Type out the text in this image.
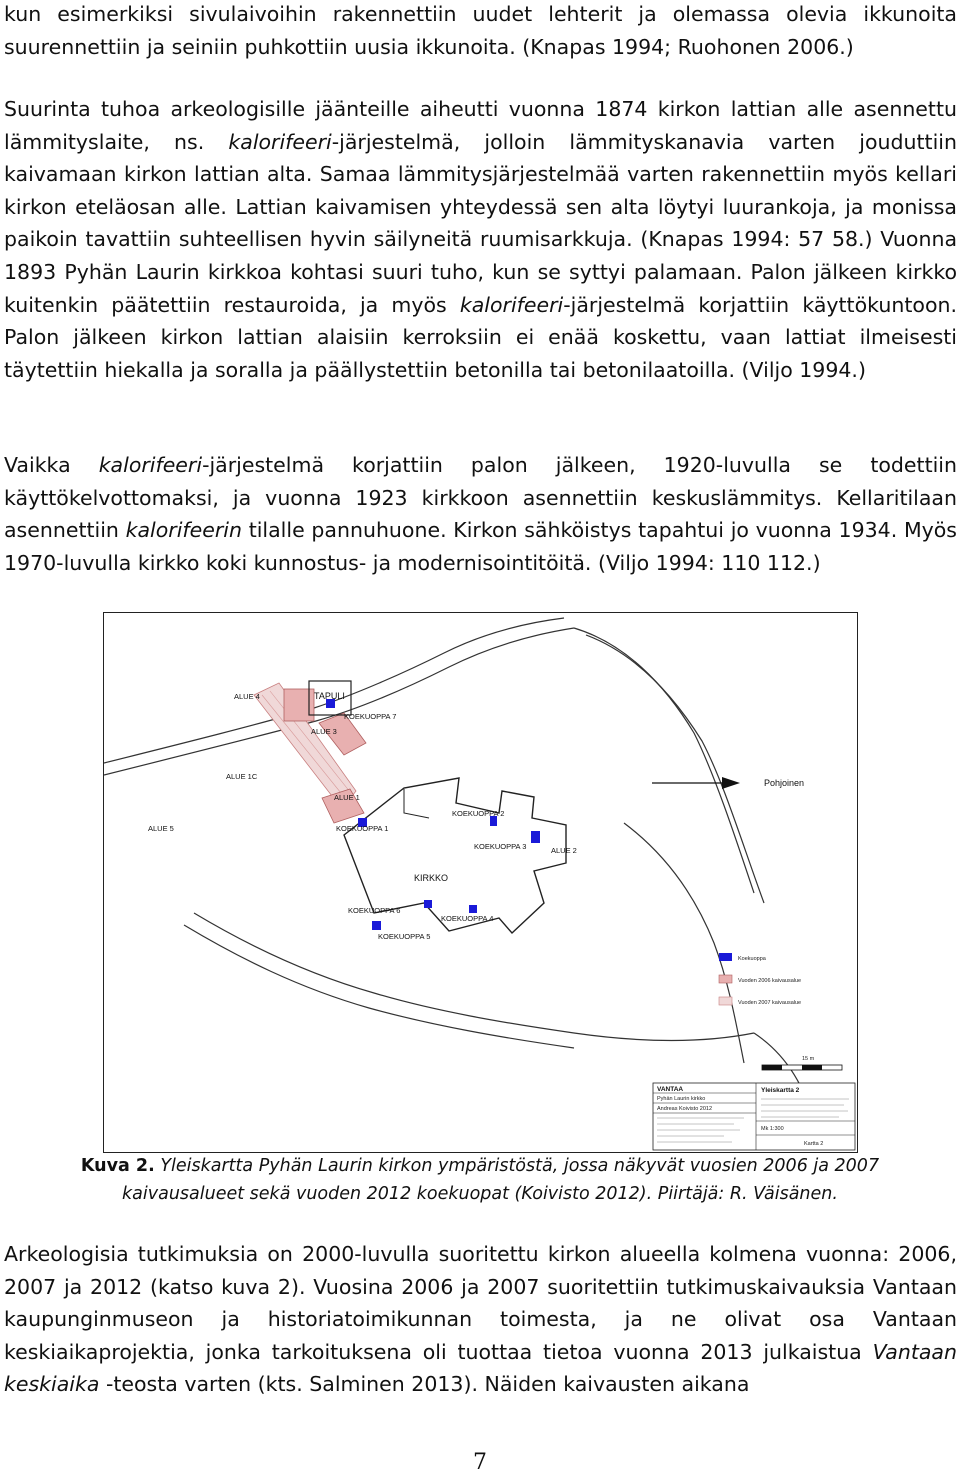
kun esimerkiksi sivulaivoihin rakennettiin uudet lehterit ja olemassa olevia ikkunoita suurennettiin ja seiniin puhkottiin uusia ikkunoita. (Knapas 1994; Ruohonen 2006.)

Suurinta tuhoa arkeologisille jäänteille aiheutti vuonna 1874 kirkon lattian alle asennettu lämmityslaite, ns. kalorifeeri-järjestelmä, jolloin lämmityskanavia varten jouduttiin kaivamaan kirkon lattian alta. Samaa lämmitysjärjestelmää varten rakennettiin myös kellari kirkon eteläosan alle. Lattian kaivamisen yhteydessä sen alta löytyi luurankoja, ja monissa paikoin tavattiin suhteellisen hyvin säilyneitä ruumisarkkuja. (Knapas 1994: 57 58.) Vuonna 1893 Pyhän Laurin kirkkoa kohtasi suuri tuho, kun se syttyi palamaan. Palon jälkeen kirkko kuitenkin päätettiin restauroida, ja myös kalorifeeri-järjestelmä korjattiin käyttökuntoon. Palon jälkeen kirkon lattian alaisiin kerroksiin ei enää koskettu, vaan lattiat ilmeisesti täytettiin hiekalla ja soralla ja päällystettiin betonilla tai betonilaatoilla. (Viljo 1994.)

Vaikka kalorifeeri-järjestelmä korjattiin palon jälkeen, 1920-luvulla se todettiin käyttökelvottomaksi, ja vuonna 1923 kirkkoon asennettiin keskuslämmitys. Kellaritilaan asennettiin kalorifeerin tilalle pannuhuone. Kirkon sähköistys tapahtui jo vuonna 1934. Myös 1970-luvulla kirkko koki kunnostus- ja modernisointitöitä. (Viljo 1994: 110 112.)

ALUE 4	TAPULI
KOEKUOPPA 7
ALUE 3
ALUE 1C
Pohjoinen
ALUE 1
KOEKUOPPA 2
ALUE 5	KOEKUOPPA 1
KOEKUOPPA 3	ALUE 2
KIRKKO
KOEKUOPPA 6
KOEKUOPPA 4
KOEKUOPPA 5
Koekuoppa
Vuoden 2006 kaivausalue
Vuoden 2007 kaivausalue
15 m
VANTAA
Pyhän Laurin kirkko
Andreas Koivisto 2012
Yleiskartta 2
Mk 1:300
Kartta 2

Kuva 2. Yleiskartta Pyhän Laurin kirkon ympäristöstä, jossa näkyvät vuosien 2006 ja 2007 kaivausalueet sekä vuoden 2012 koekuopat (Koivisto 2012). Piirtäjä: R. Väisänen.

Arkeologisia tutkimuksia on 2000-luvulla suoritettu kirkon alueella kolmena vuonna: 2006, 2007 ja 2012 (katso kuva 2). Vuosina 2006 ja 2007 suoritettiin tutkimuskaivauksia Vantaan kaupunginmuseon ja historiatoimikunnan toimesta, ja ne olivat osa Vantaan keskiaikaprojektia, jonka tarkoituksena oli tuottaa tietoa vuonna 2013 julkaistua Vantaan keskiaika -teosta varten (kts. Salminen 2013). Näiden kaivausten aikana

7
